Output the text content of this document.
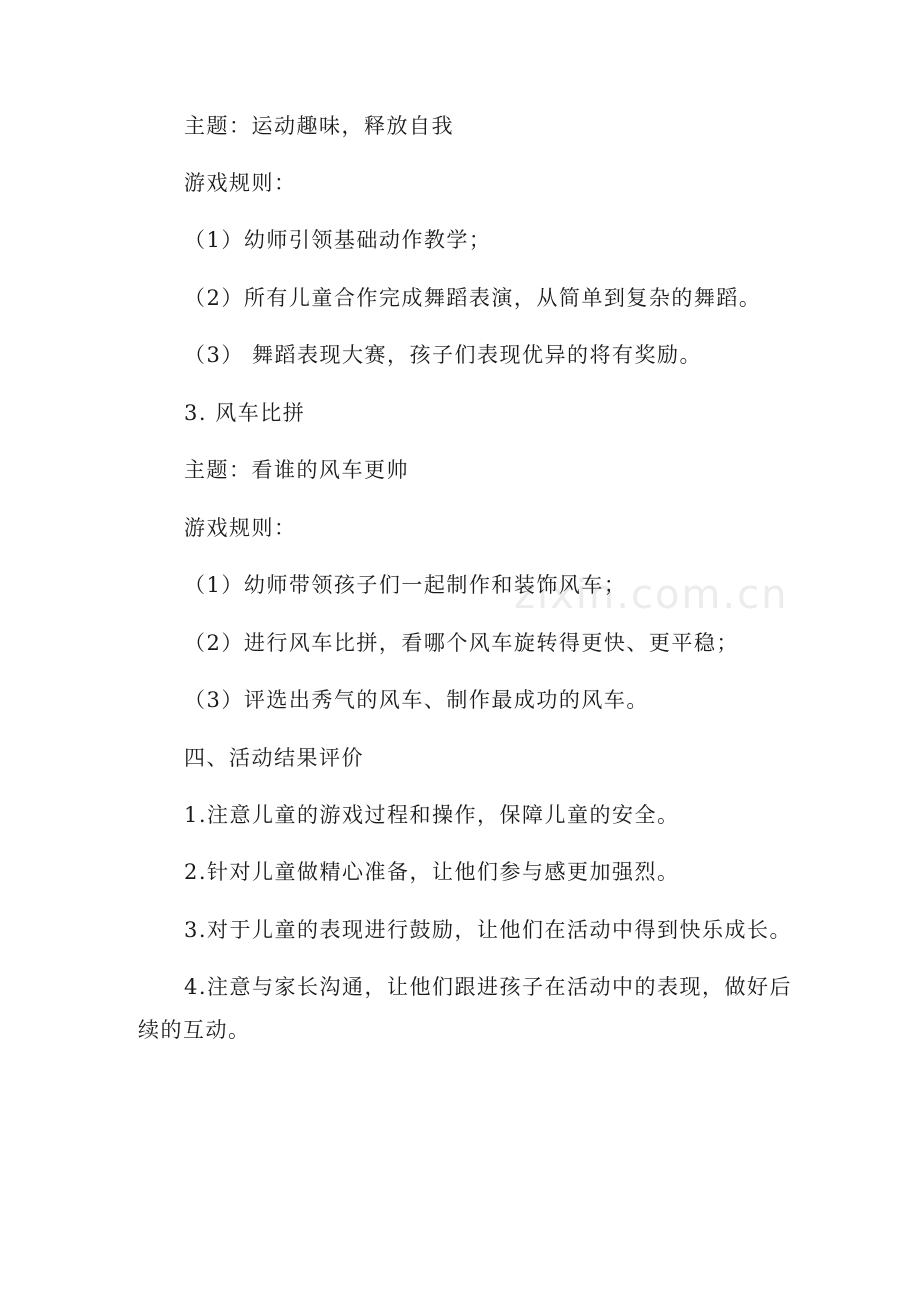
zixin.com.cn
主题：运动趣味，释放自我
游戏规则：
（1）幼师引领基础动作教学；
（2）所有儿童合作完成舞蹈表演，从简单到复杂的舞蹈。
（3） 舞蹈表现大赛，孩子们表现优异的将有奖励。
3. 风车比拼
主题：看谁的风车更帅
游戏规则：
（1）幼师带领孩子们一起制作和装饰风车；
（2）进行风车比拼，看哪个风车旋转得更快、更平稳；
（3）评选出秀气的风车、制作最成功的风车。
四、活动结果评价
1.注意儿童的游戏过程和操作，保障儿童的安全。
2.针对儿童做精心准备，让他们参与感更加强烈。
3.对于儿童的表现进行鼓励，让他们在活动中得到快乐成长。
4.注意与家长沟通，让他们跟进孩子在活动中的表现，做好后
续的互动。
